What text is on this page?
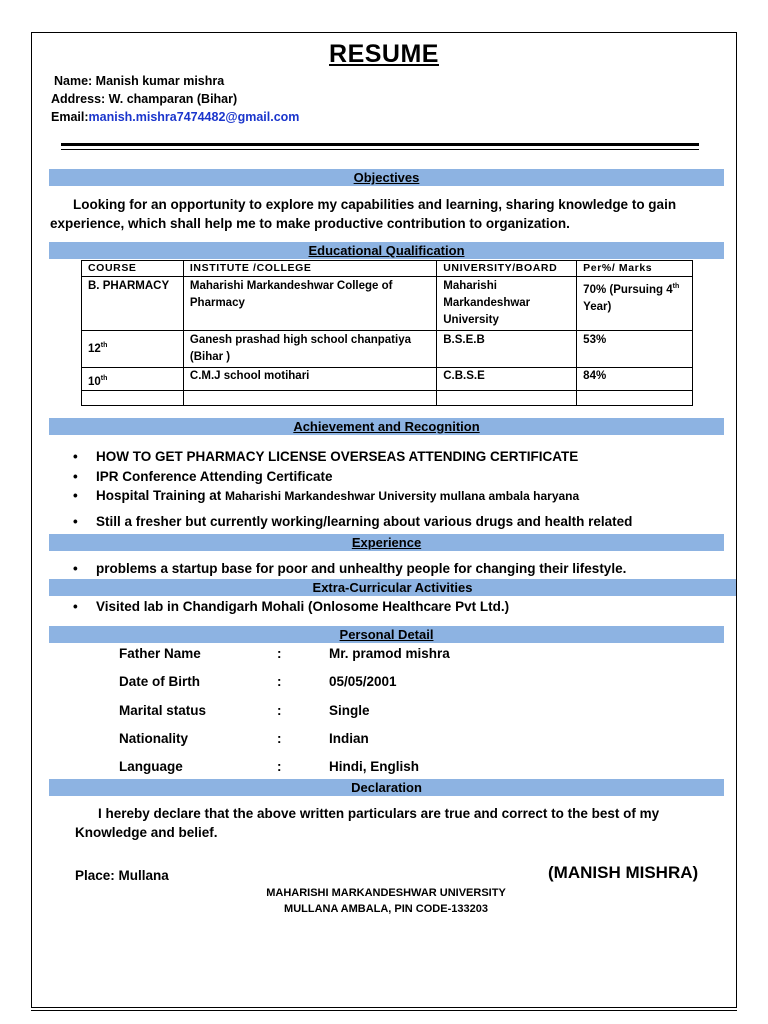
RESUME
Name: Manish kumar mishra
Address: W. champaran (Bihar)
Email:manish.mishra7474482@gmail.com
Objectives
Looking for an opportunity to explore my capabilities and learning, sharing knowledge to gain
experience, which shall help me to make productive contribution to organization.
Educational Qualification
COURSE	INSTITUTE /COLLEGE	UNIVERSITY/BOARD	Per%/ Marks
B. PHARMACY	Maharishi Markandeshwar College of Pharmacy	Maharishi Markandeshwar University	70% (Pursuing 4th
Year)
12th	Ganesh prashad high school chanpatiya (Bihar )	B.S.E.B	53%
10th	C.M.J school motihari	C.B.S.E	84%

Achievement and Recognition
• HOW TO GET PHARMACY LICENSE OVERSEAS ATTENDING CERTIFICATE
• IPR Conference Attending Certificate
• Hospital Training at Maharishi Markandeshwar University mullana ambala haryana
• Still a fresher but currently working/learning about various drugs and health related
Experience
• problems a startup base for poor and unhealthy people for changing their lifestyle.
Extra-Curricular Activities
• Visited lab in Chandigarh Mohali (Onlosome Healthcare Pvt Ltd.)
Personal Detail
Father Name	:	Mr. pramod mishra
Date of Birth	:	05/05/2001
Marital status	:	Single
Nationality	:	Indian
Language	:	Hindi, English
Declaration
I hereby declare that the above written particulars are true and correct to the best of my
Knowledge and belief.
Place: Mullana	(MANISH MISHRA)
MAHARISHI MARKANDESHWAR UNIVERSITY
MULLANA AMBALA, PIN CODE-133203
